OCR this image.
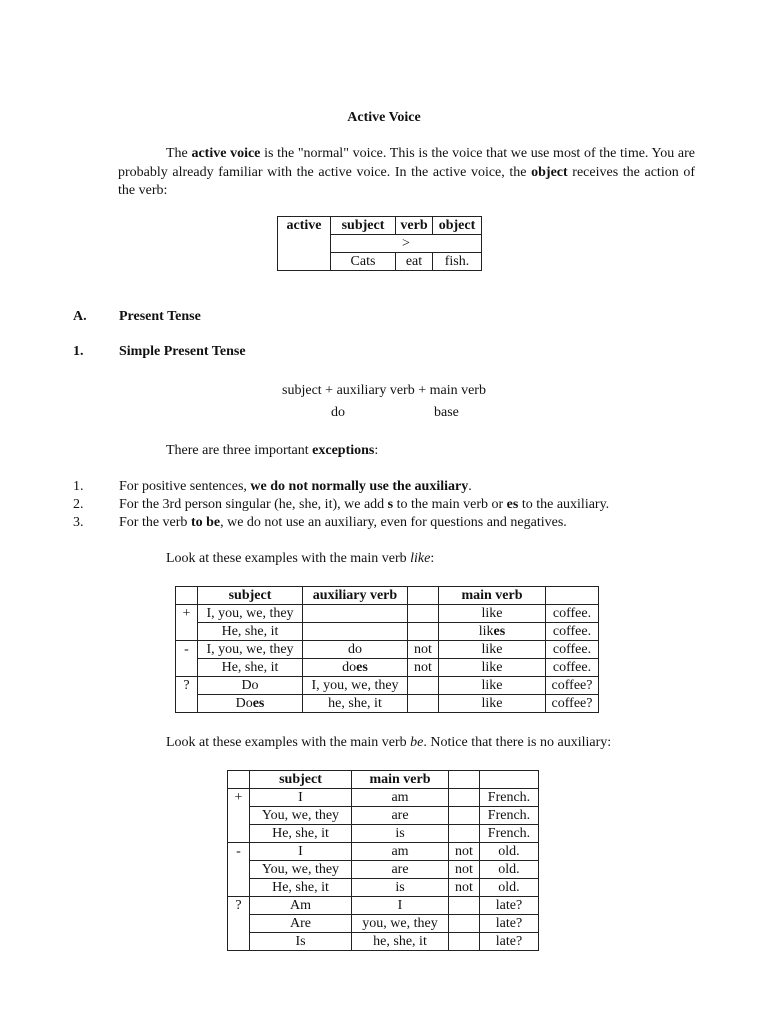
Active Voice

The active voice is the "normal" voice. This is the voice that we use most of the time. You are probably already familiar with the active voice. In the active voice, the object receives the action of the verb:

active	subject	verb	object
	>		
	Cats	eat	fish.
A. Present Tense
1.	Simple Present Tense
subject + auxiliary verb + main verb
do	base
There are three important exceptions:
1.	For positive sentences, we do not normally use the auxiliary.
2.	For the 3rd person singular (he, she, it), we add s to the main verb or es to the auxiliary.
3.	For the verb to be, we do not use an auxiliary, even for questions and negatives.
Look at these examples with the main verb like:
	subject	auxiliary verb		main verb	
+	I, you, we, they			like	coffee.
	He, she, it			likes	coffee.
-	I, you, we, they	do	not	like	coffee.
	He, she, it	does	not	like	coffee.
?	Do	I, you, we, they		like	coffee?
	Does	he, she, it		like	coffee?
Look at these examples with the main verb be. Notice that there is no auxiliary:
	subject	main verb		
+	I	am		French.
	You, we, they	are		French.
	He, she, it	is		French.
-	I	am	not	old.
	You, we, they	are	not	old.
	He, she, it	is	not	old.
?	Am	I		late?
	Are	you, we, they		late?
	Is	he, she, it		late?
